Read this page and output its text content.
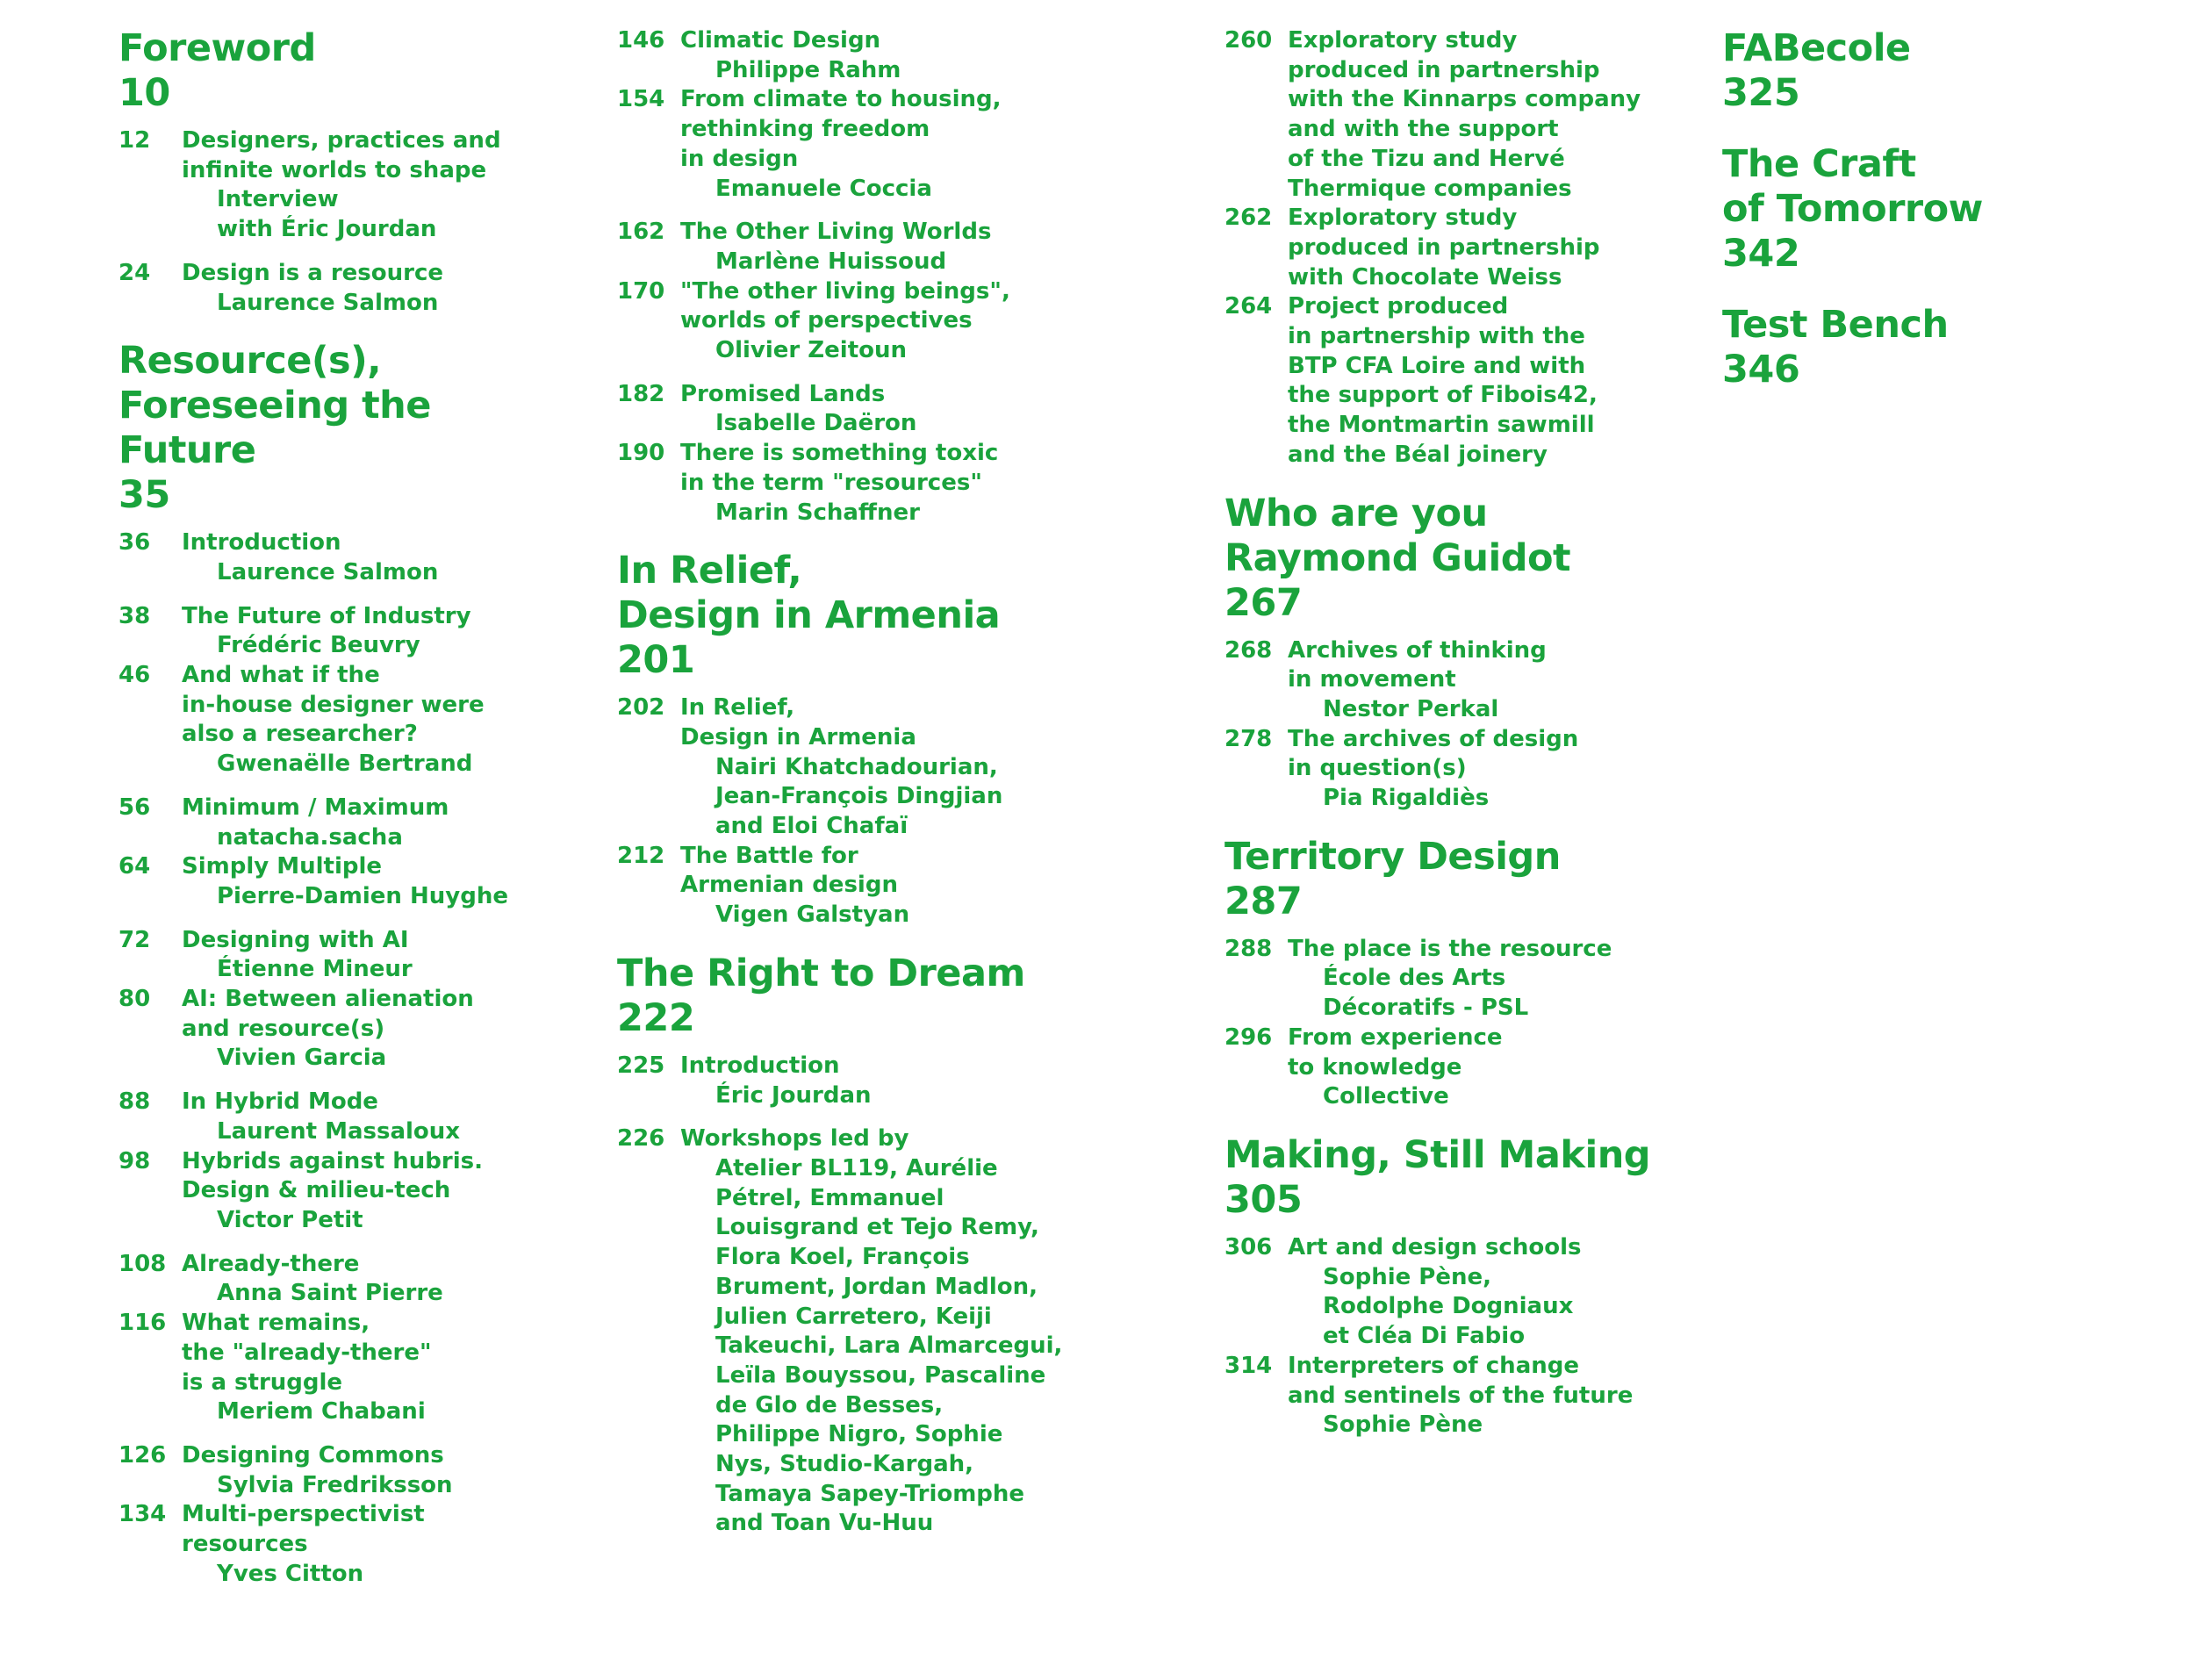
Foreword
10
12	Designers, practices and
infinite worlds to shape
Interview
with Éric Jourdan
24	Design is a resource
Laurence Salmon
Resource(s),
Foreseeing the Future
35
36	Introduction
Laurence Salmon
38	The Future of Industry
Frédéric Beuvry
46	And what if the
in-house designer were
also a researcher?
Gwenaëlle Bertrand
56	Minimum / Maximum
natacha.sacha
64	Simply Multiple
Pierre-Damien Huyghe
72	Designing with AI
Étienne Mineur
80	AI: Between alienation
and resource(s)
Vivien Garcia
88	In Hybrid Mode
Laurent Massaloux
98	Hybrids against hubris.
Design & milieu-tech
Victor Petit
108 Already-there
Anna Saint Pierre
116 What remains,
the "already-there"
is a struggle
Meriem Chabani
126 Designing Commons
Sylvia Fredriksson
134 Multi-perspectivist
resources
Yves Citton
146 Climatic Design
Philippe Rahm
154 From climate to housing,
rethinking freedom
in design
Emanuele Coccia
162 The Other Living Worlds
Marlène Huissoud
170 "The other living beings",
worlds of perspectives
Olivier Zeitoun
182 Promised Lands
Isabelle Daëron
190 There is something toxic
in the term "resources"
Marin Schaffner
In Relief,
Design in Armenia
201
202 In Relief,
Design in Armenia
Nairi Khatchadourian,
Jean-François Dingjian
and Eloi Chafaï
212 The Battle for
Armenian design
Vigen Galstyan
The Right to Dream
222
225 Introduction
Éric Jourdan
226 Workshops led by
Atelier BL119, Aurélie
Pétrel, Emmanuel
Louisgrand et Tejo Remy,
Flora Koel, François
Brument, Jordan Madlon,
Julien Carretero, Keiji
Takeuchi, Lara Almarcegui,
Leïla Bouyssou, Pascaline
de Glo de Besses,
Philippe Nigro, Sophie
Nys, Studio-Kargah,
Tamaya Sapey-Triomphe
and Toan Vu-Huu
260 Exploratory study
produced in partnership
with the Kinnarps company
and with the support
of the Tizu and Hervé
Thermique companies
262 Exploratory study
produced in partnership
with Chocolate Weiss
264 Project produced
in partnership with the
BTP CFA Loire and with
the support of Fibois42,
the Montmartin sawmill
and the Béal joinery
Who are you
Raymond Guidot
267
268 Archives of thinking
in movement
Nestor Perkal
278 The archives of design
in question(s)
Pia Rigaldiès
Territory Design
287
288 The place is the resource
École des Arts
Décoratifs - PSL
296 From experience
to knowledge
Collective
Making, Still Making
305
306 Art and design schools
Sophie Pène,
Rodolphe Dogniaux
et Cléa Di Fabio
314 Interpreters of change
and sentinels of the future
Sophie Pène
FABecole
325
The Craft
of Tomorrow
342
Test Bench
346
